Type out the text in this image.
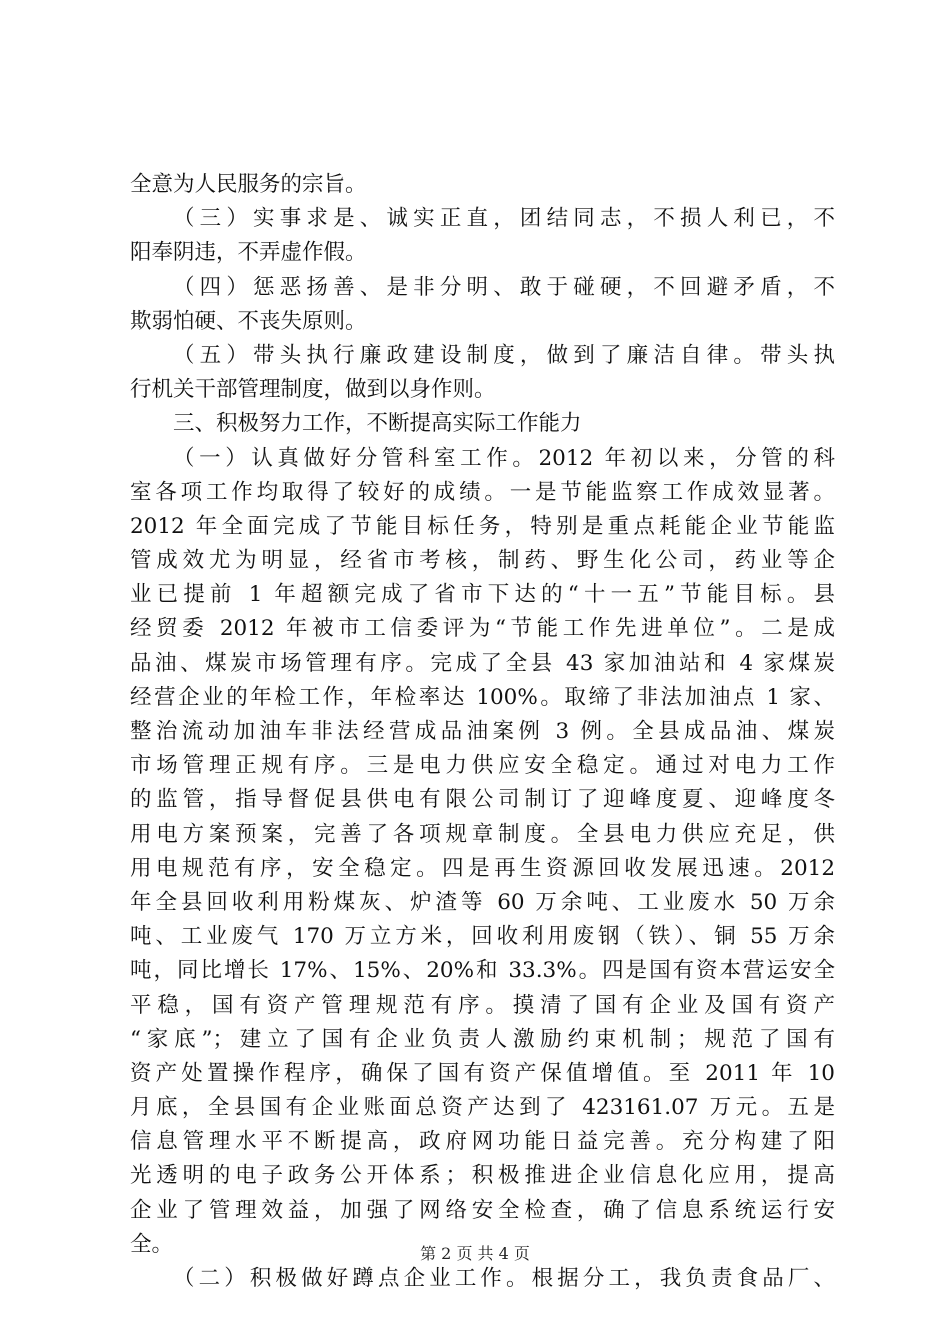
全意为人民服务的宗旨。
（三）实事求是、诚实正直，团结同志，不损人利已，不
阳奉阴违，不弄虚作假。
（四）惩恶扬善、是非分明、敢于碰硬，不回避矛盾，不
欺弱怕硬、不丧失原则。
（五）带头执行廉政建设制度，做到了廉洁自律。带头执
行机关干部管理制度，做到以身作则。
三、积极努力工作，不断提高实际工作能力
（一）认真做好分管科室工作。2012 年初以来，分管的科
室各项工作均取得了较好的成绩。一是节能监察工作成效显著。
2012 年全面完成了节能目标任务，特别是重点耗能企业节能监
管成效尤为明显，经省市考核，制药、野生化公司，药业等企
业已提前 1 年超额完成了省市下达的“十一五”节能目标。县
经贸委 2012 年被市工信委评为“节能工作先进单位”。二是成
品油、煤炭市场管理有序。完成了全县 43 家加油站和 4 家煤炭
经营企业的年检工作，年检率达 100%。取缔了非法加油点 1 家、
整治流动加油车非法经营成品油案例 3 例。全县成品油、煤炭
市场管理正规有序。三是电力供应安全稳定。通过对电力工作
的监管，指导督促县供电有限公司制订了迎峰度夏、迎峰度冬
用电方案预案，完善了各项规章制度。全县电力供应充足，供
用电规范有序，安全稳定。四是再生资源回收发展迅速。2012
年全县回收利用粉煤灰、炉渣等 60 万余吨、工业废水 50 万余
吨、工业废气 170 万立方米，回收利用废钢（铁）、铜 55 万余
吨，同比增长 17%、15%、20%和 33.3%。四是国有资本营运安全
平稳，国有资产管理规范有序。摸清了国有企业及国有资产
“家底”；建立了国有企业负责人激励约束机制；规范了国有
资产处置操作程序，确保了国有资产保值增值。至 2011 年 10
月底，全县国有企业账面总资产达到了 423161.07 万元。五是
信息管理水平不断提高，政府网功能日益完善。充分构建了阳
光透明的电子政务公开体系；积极推进企业信息化应用，提高
企业了管理效益，加强了网络安全检查，确了信息系统运行安
全。
（二）积极做好蹲点企业工作。根据分工，我负责食品厂、
第 2 页 共 4 页
